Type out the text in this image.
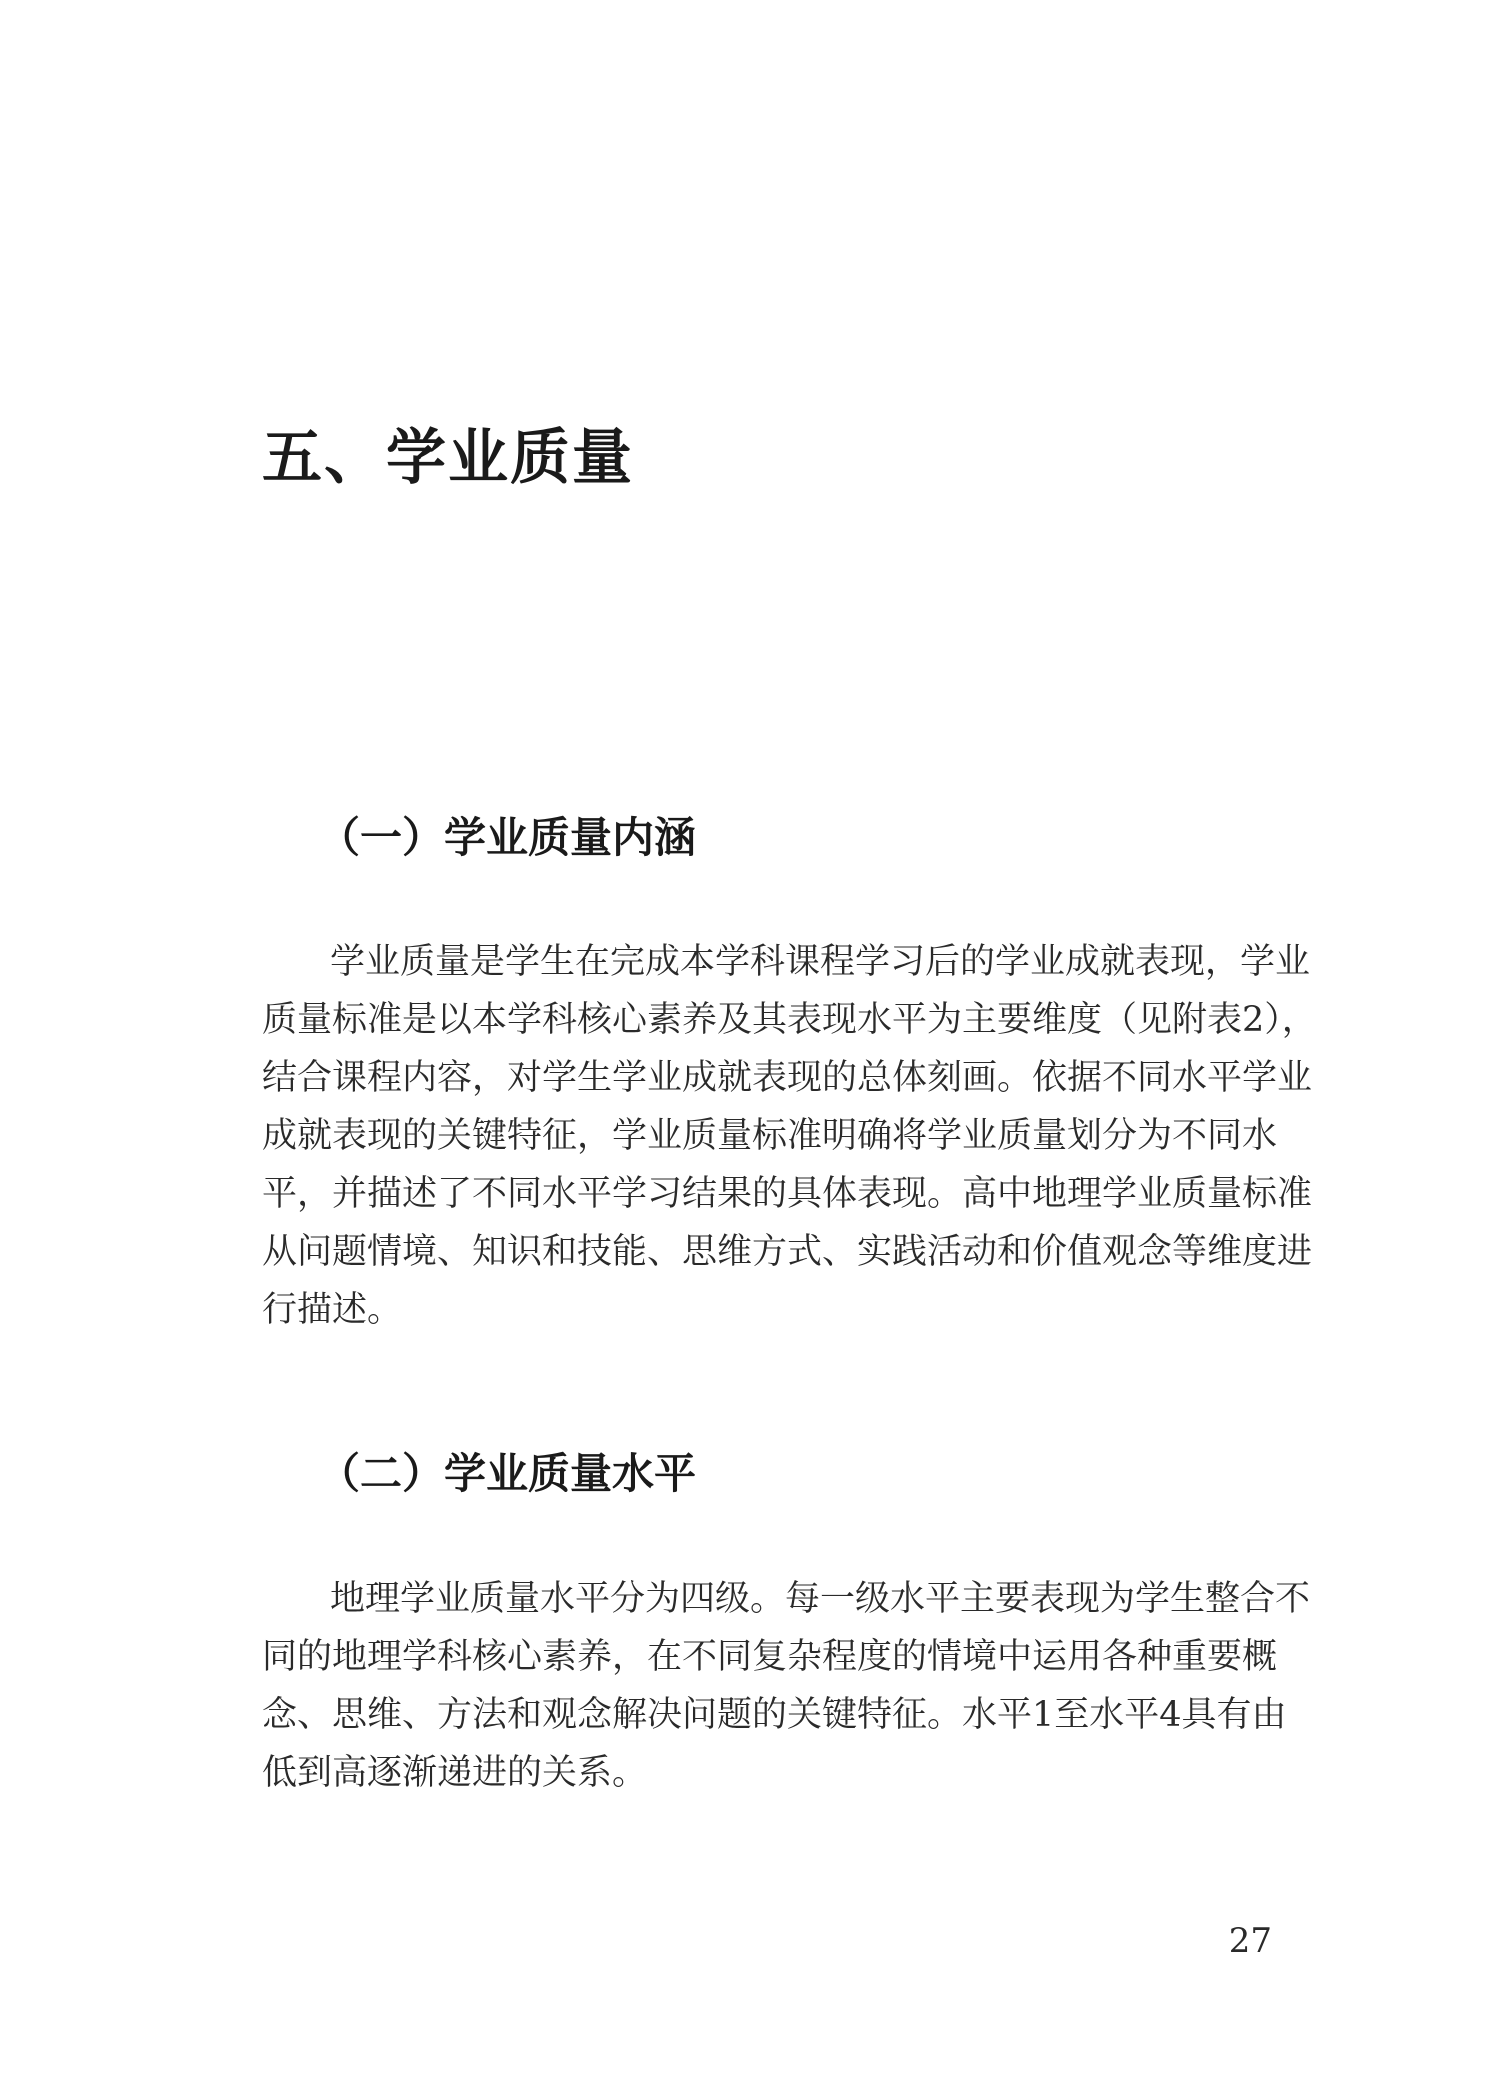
五、学业质量
（一）学业质量内涵

学业质量是学生在完成本学科课程学习后的学业成就表现，学业
质量标准是以本学科核心素养及其表现水平为主要维度（见附表2），
结合课程内容，对学生学业成就表现的总体刻画。依据不同水平学业
成就表现的关键特征，学业质量标准明确将学业质量划分为不同水
平，并描述了不同水平学习结果的具体表现。高中地理学业质量标准
从问题情境、知识和技能、思维方式、实践活动和价值观念等维度进
行描述。

（二）学业质量水平

地理学业质量水平分为四级。每一级水平主要表现为学生整合不
同的地理学科核心素养，在不同复杂程度的情境中运用各种重要概
念、思维、方法和观念解决问题的关键特征。水平1至水平4具有由
低到高逐渐递进的关系。

27
